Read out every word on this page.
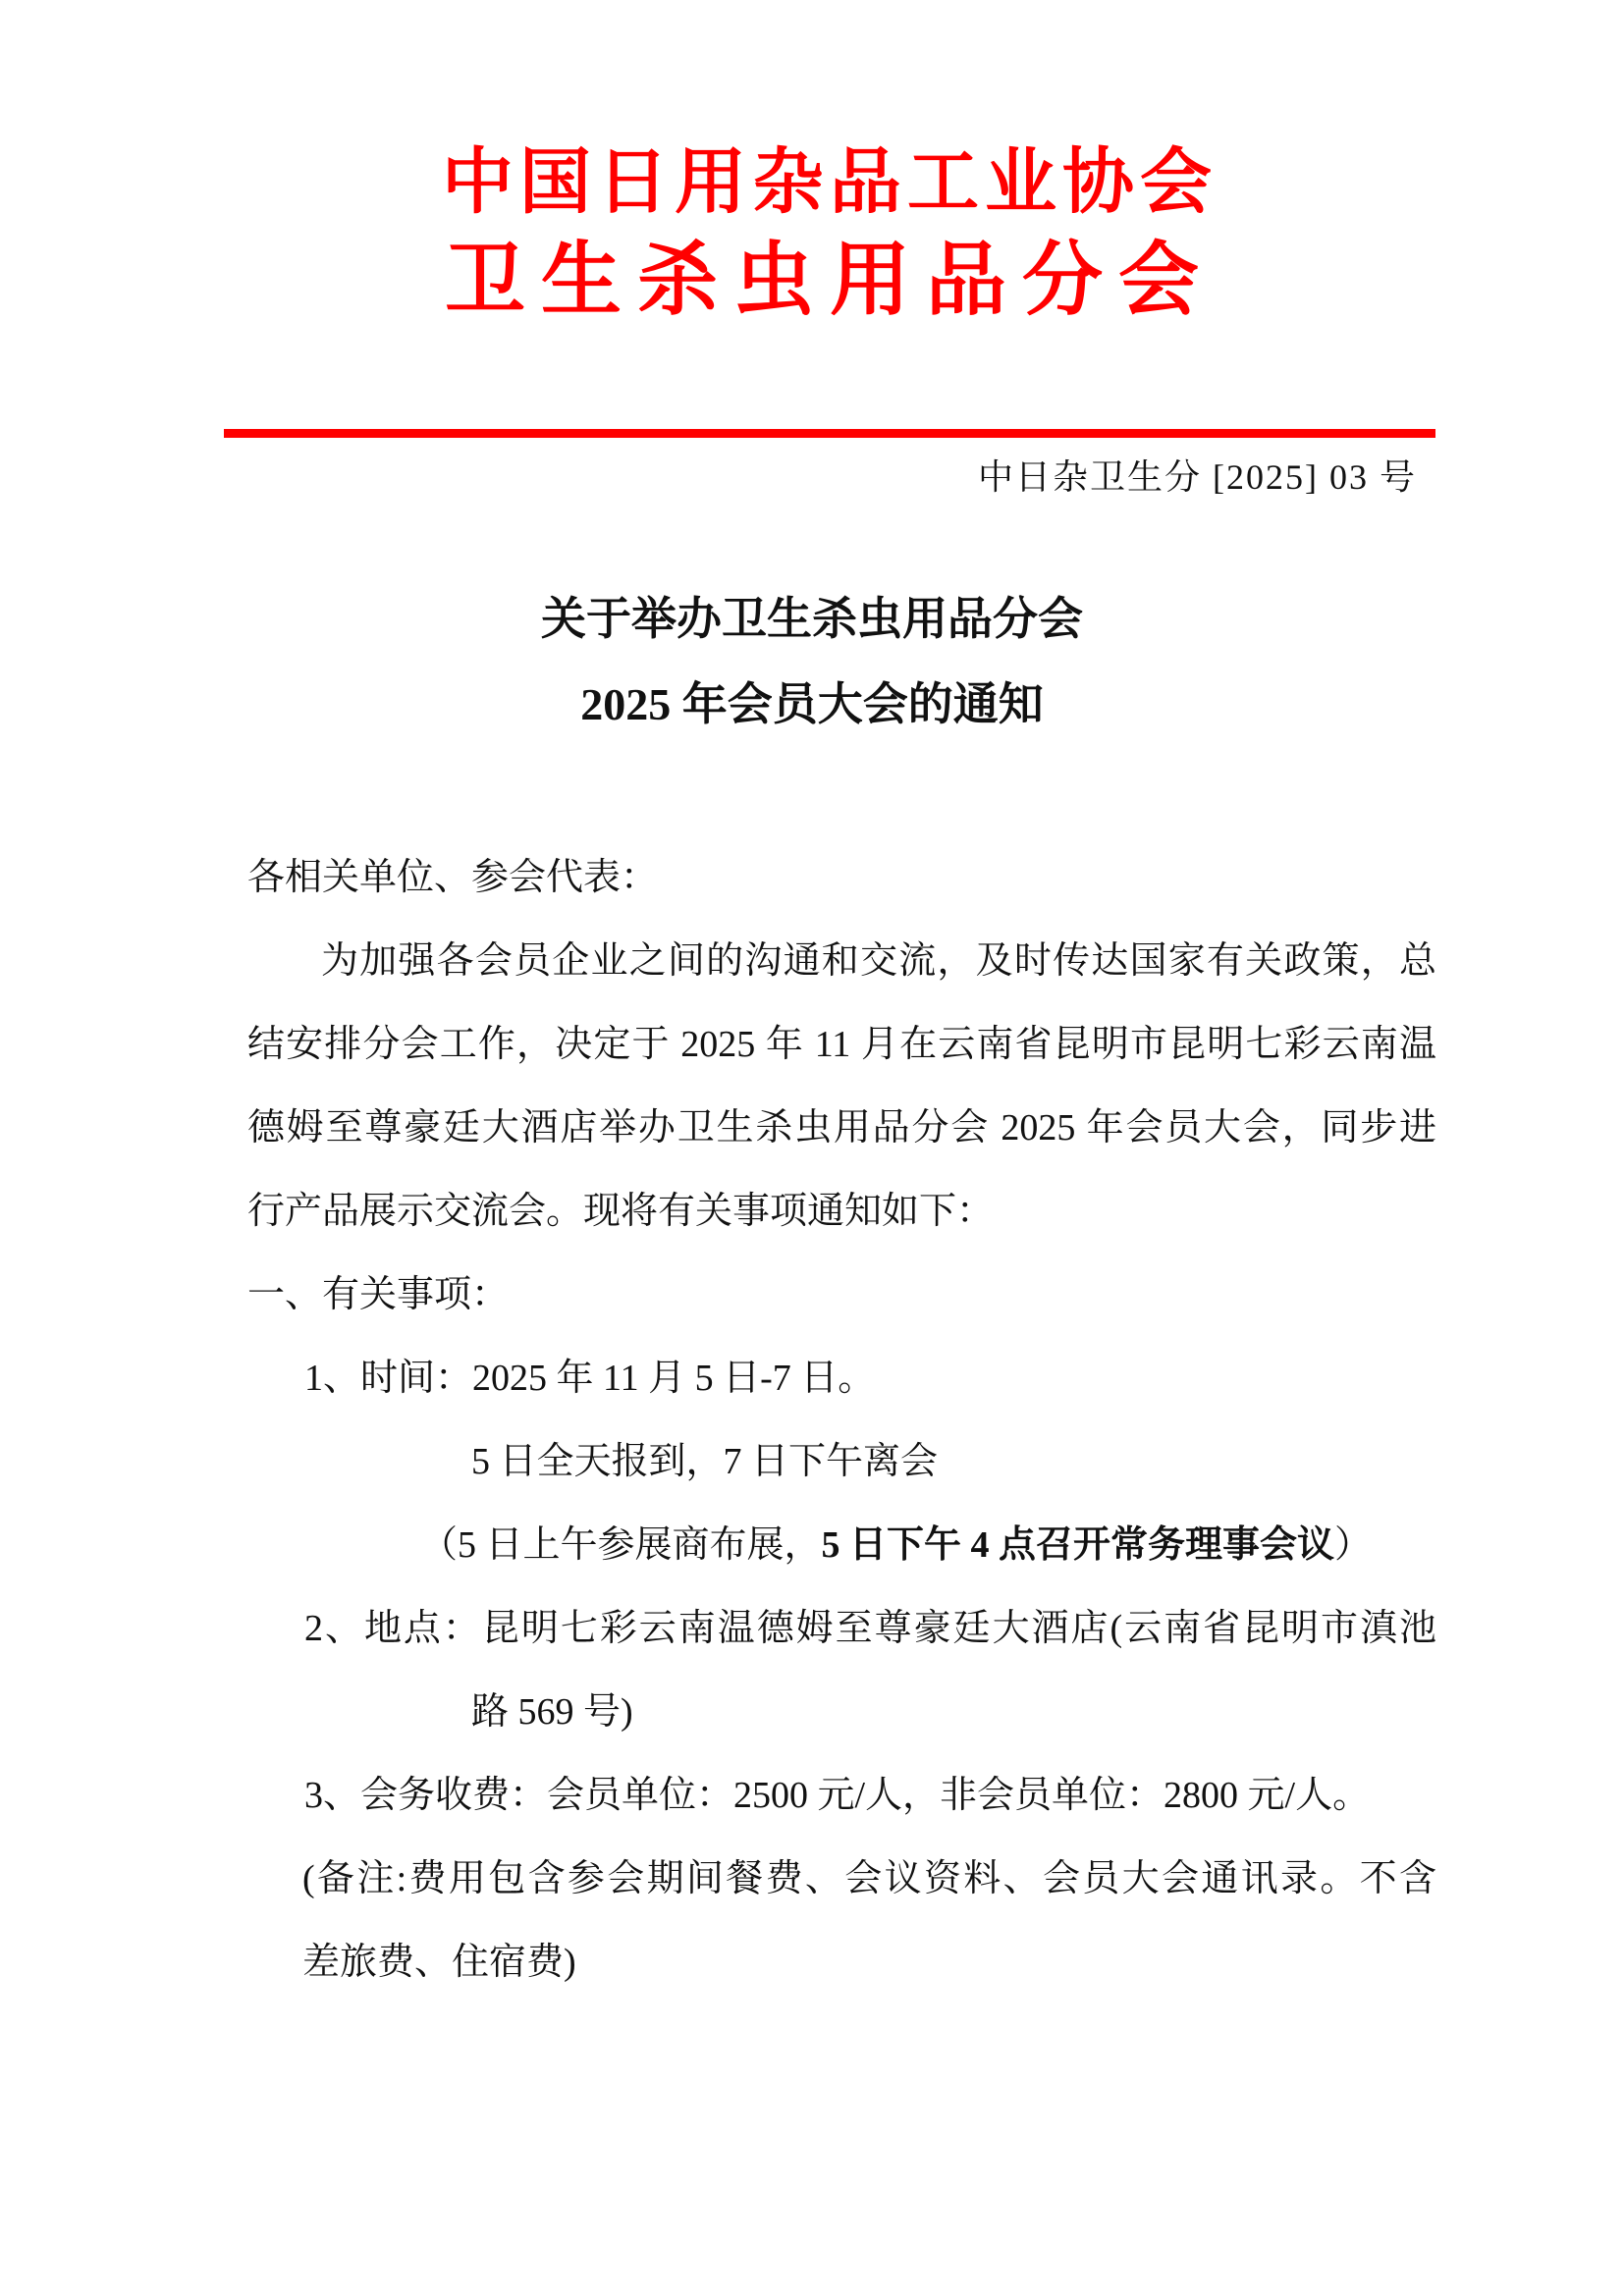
中国日用杂品工业协会
卫生杀虫用品分会
中日杂卫生分 [2025] 03 号
关于举办卫生杀虫用品分会
2025 年会员大会的通知
各相关单位、参会代表：
为加强各会员企业之间的沟通和交流，及时传达国家有关政策，总
结安排分会工作，决定于 2025 年 11 月在云南省昆明市昆明七彩云南温
德姆至尊豪廷大酒店举办卫生杀虫用品分会 2025 年会员大会，同步进
行产品展示交流会。现将有关事项通知如下：
一、有关事项：
1、时间：2025 年 11 月 5 日-7 日。
5 日全天报到，7 日下午离会
（5 日上午参展商布展，5 日下午 4 点召开常务理事会议）
2、地点：昆明七彩云南温德姆至尊豪廷大酒店(云南省昆明市滇池
路 569 号)
3、会务收费：会员单位：2500 元/人，非会员单位：2800 元/人。
(备注:费用包含参会期间餐费、会议资料、会员大会通讯录。不含
差旅费、住宿费)
